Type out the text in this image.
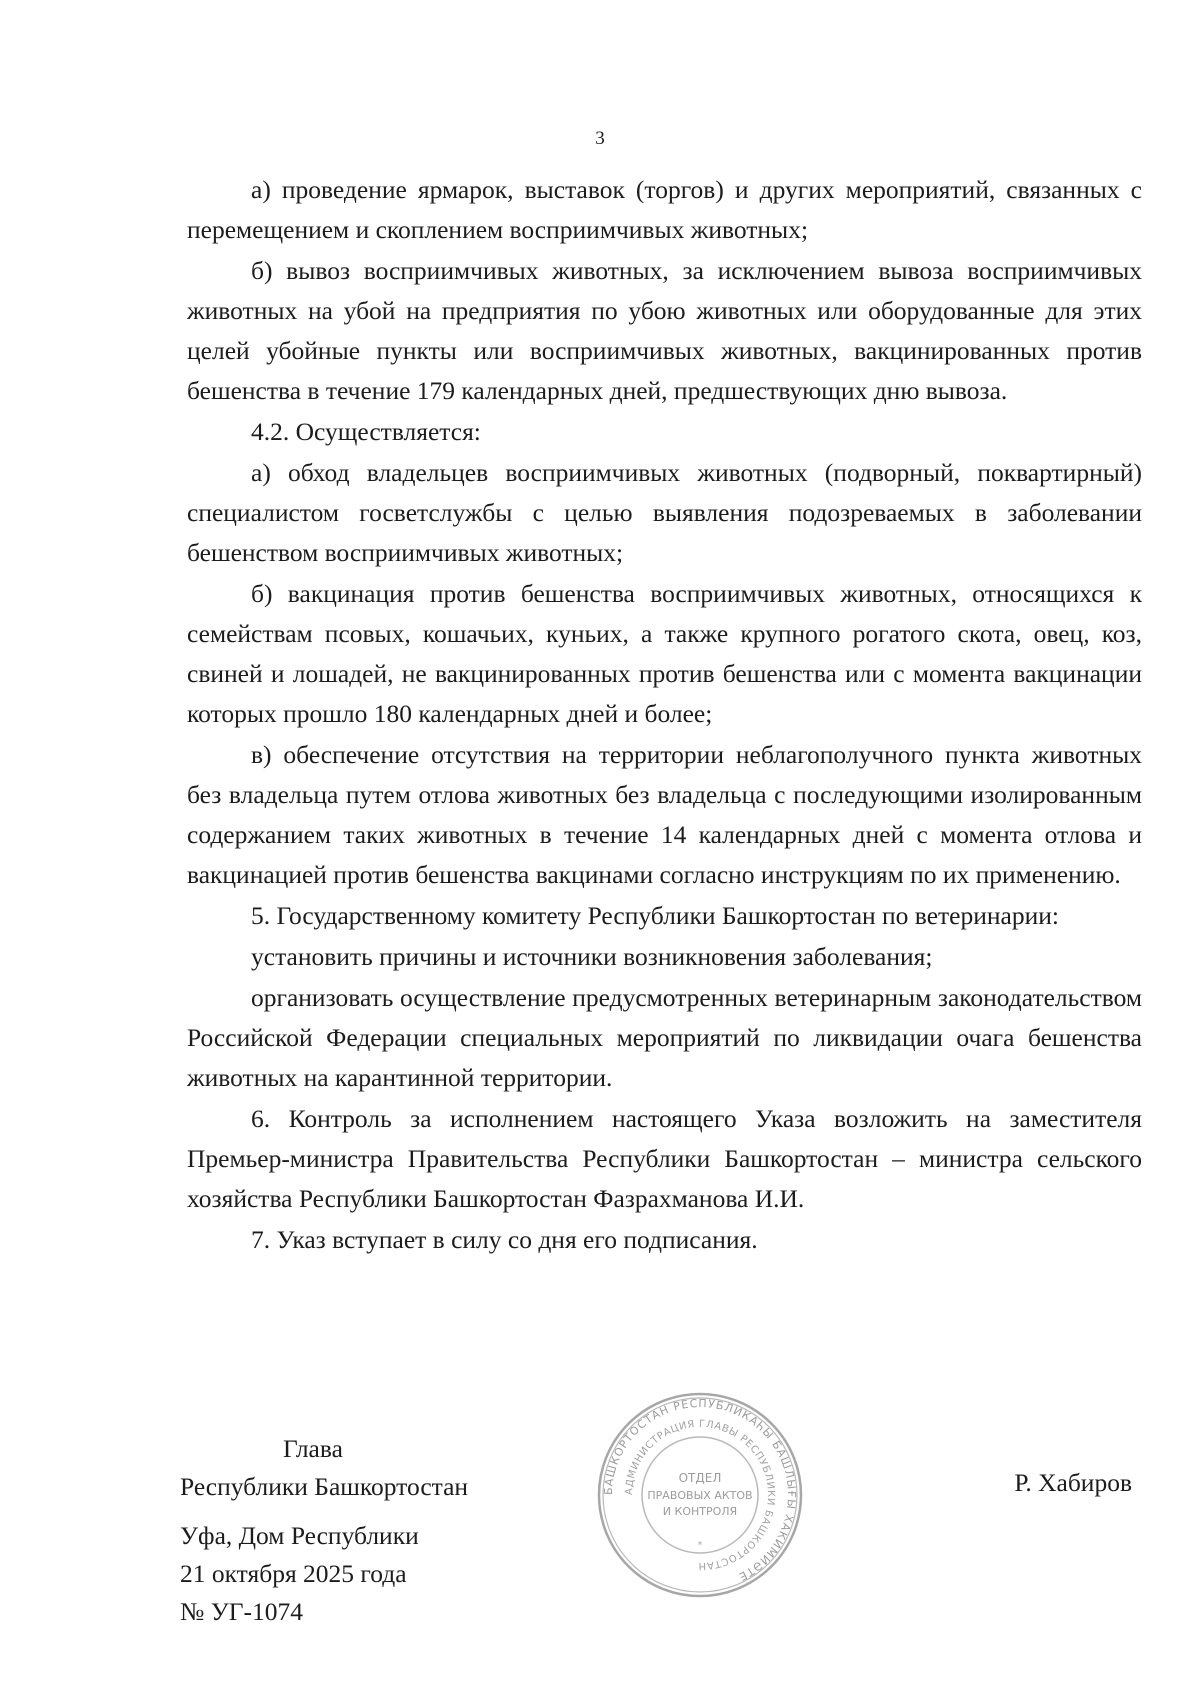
3

а) проведение ярмарок, выставок (торгов) и других мероприятий, связанных с перемещением и скоплением восприимчивых животных;

б) вывоз восприимчивых животных, за исключением вывоза восприимчивых животных на убой на предприятия по убою животных или оборудованные для этих целей убойные пункты или восприимчивых животных, вакцинированных против бешенства в течение 179 календарных дней, предшествующих дню вывоза.

4.2. Осуществляется:

а) обход владельцев восприимчивых животных (подворный, поквартирный) специалистом госветслужбы с целью выявления подозреваемых в заболевании бешенством восприимчивых животных;

б) вакцинация против бешенства восприимчивых животных, относящихся к семействам псовых, кошачьих, куньих, а также крупного рогатого скота, овец, коз, свиней и лошадей, не вакцинированных против бешенства или с момента вакцинации которых прошло 180 календарных дней и более;

в) обеспечение отсутствия на территории неблагополучного пункта животных без владельца путем отлова животных без владельца с последующими изолированным содержанием таких животных в течение 14 календарных дней с момента отлова и вакцинацией против бешенства вакцинами согласно инструкциям по их применению.

5. Государственному комитету Республики Башкортостан по ветеринарии:

установить причины и источники возникновения заболевания;

организовать осуществление предусмотренных ветеринарным законодательством Российской Федерации специальных мероприятий по ликвидации очага бешенства животных на карантинной территории.

6. Контроль за исполнением настоящего Указа возложить на заместителя Премьер-министра Правительства Республики Башкортостан – министра сельского хозяйства Республики Башкортостан Фазрахманова И.И.

7. Указ вступает в силу со дня его подписания.

Глава
Республики Башкортостан	Р. Хабиров
Уфа, Дом Республики
21 октября 2025 года
№ УГ-1074
БАШКОРТОСТАН РЕСПУБЛИКАҺЫ БАШЛЫҒЫ ХАКИМИӘТЕ
АДМИНИСТРАЦИЯ ГЛАВЫ РЕСПУБЛИКИ БАШКОРТОСТАН
ОТДЕЛ
ПРАВОВЫХ АКТОВ
И КОНТРОЛЯ
*
